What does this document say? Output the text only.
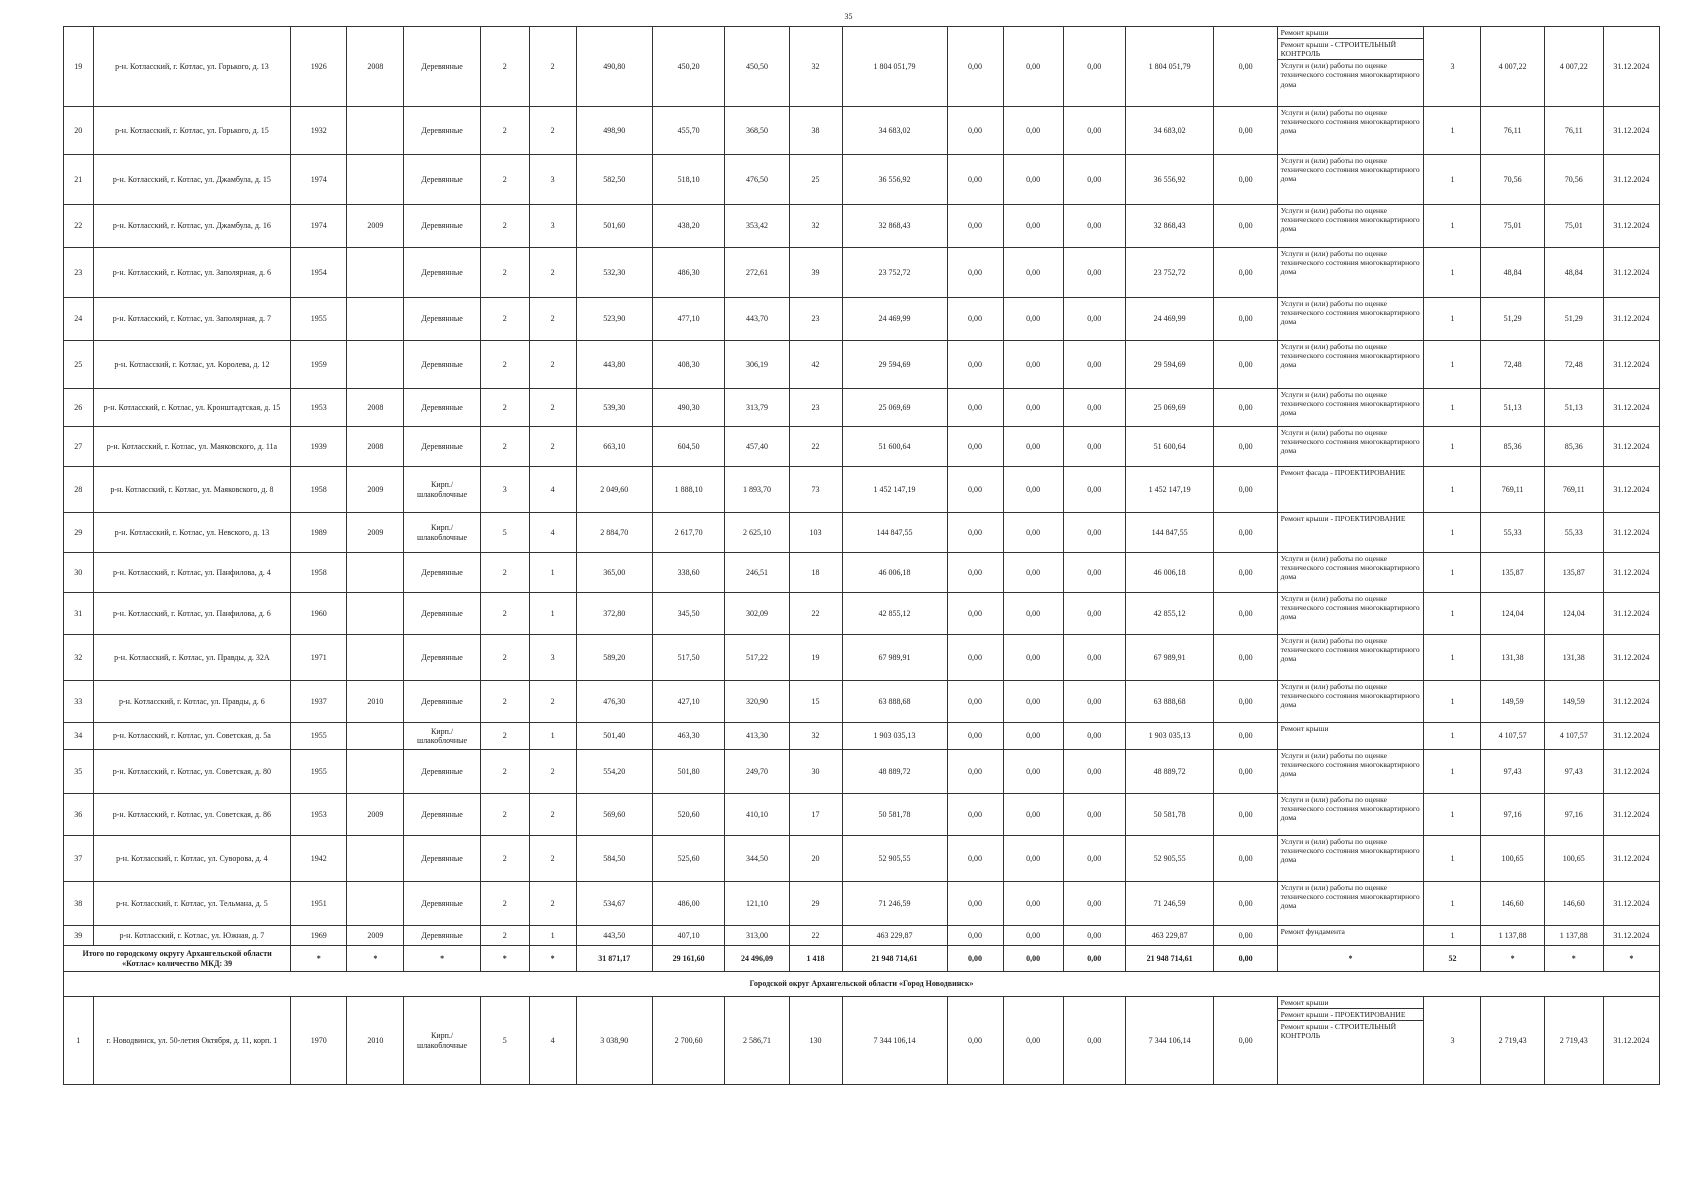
35
19	р-н. Котласский, г. Котлас, ул. Горького, д. 13	1926	2008	Деревянные	2	2	490,80	450,20	450,50	32	1 804 051,79	0,00	0,00	0,00	1 804 051,79	0,00	Ремонт крыши
Ремонт крыши - СТРОИТЕЛЬНЫЙ КОНТРОЛЬ
Услуги и (или) работы по оценке технического состояния многоквартирного дома	3	4 007,22	4 007,22	31.12.2024
20	р-н. Котласский, г. Котлас, ул. Горького, д. 15	1932		Деревянные	2	2	498,90	455,70	368,50	38	34 683,02	0,00	0,00	0,00	34 683,02	0,00	Услуги и (или) работы по оценке технического состояния многоквартирного дома	1	76,11	76,11	31.12.2024
21	р-н. Котласский, г. Котлас, ул. Джамбула, д. 15	1974		Деревянные	2	3	582,50	518,10	476,50	25	36 556,92	0,00	0,00	0,00	36 556,92	0,00	Услуги и (или) работы по оценке технического состояния многоквартирного дома	1	70,56	70,56	31.12.2024
22	р-н. Котласский, г. Котлас, ул. Джамбула, д. 16	1974	2009	Деревянные	2	3	501,60	438,20	353,42	32	32 868,43	0,00	0,00	0,00	32 868,43	0,00	Услуги и (или) работы по оценке технического состояния многоквартирного дома	1	75,01	75,01	31.12.2024
23	р-н. Котласский, г. Котлас, ул. Заполярная, д. 6	1954		Деревянные	2	2	532,30	486,30	272,61	39	23 752,72	0,00	0,00	0,00	23 752,72	0,00	Услуги и (или) работы по оценке технического состояния многоквартирного дома	1	48,84	48,84	31.12.2024
24	р-н. Котласский, г. Котлас, ул. Заполярная, д. 7	1955		Деревянные	2	2	523,90	477,10	443,70	23	24 469,99	0,00	0,00	0,00	24 469,99	0,00	Услуги и (или) работы по оценке технического состояния многоквартирного дома	1	51,29	51,29	31.12.2024
25	р-н. Котласский, г. Котлас, ул. Королева, д. 12	1959		Деревянные	2	2	443,80	408,30	306,19	42	29 594,69	0,00	0,00	0,00	29 594,69	0,00	Услуги и (или) работы по оценке технического состояния многоквартирного дома	1	72,48	72,48	31.12.2024
26	р-н. Котласский, г. Котлас, ул. Кронштадтская, д. 15	1953	2008	Деревянные	2	2	539,30	490,30	313,79	23	25 069,69	0,00	0,00	0,00	25 069,69	0,00	Услуги и (или) работы по оценке технического состояния многоквартирного дома	1	51,13	51,13	31.12.2024
27	р-н. Котласский, г. Котлас, ул. Маяковского, д. 11а	1939	2008	Деревянные	2	2	663,10	604,50	457,40	22	51 600,64	0,00	0,00	0,00	51 600,64	0,00	Услуги и (или) работы по оценке технического состояния многоквартирного дома	1	85,36	85,36	31.12.2024
28	р-н. Котласский, г. Котлас, ул. Маяковского, д. 8	1958	2009	Кирп./шлакоблочные	3	4	2 049,60	1 888,10	1 893,70	73	1 452 147,19	0,00	0,00	0,00	1 452 147,19	0,00	Ремонт фасада - ПРОЕКТИРОВАНИЕ	1	769,11	769,11	31.12.2024
29	р-н. Котласский, г. Котлас, ул. Невского, д. 13	1989	2009	Кирп./шлакоблочные	5	4	2 884,70	2 617,70	2 625,10	103	144 847,55	0,00	0,00	0,00	144 847,55	0,00	Ремонт крыши - ПРОЕКТИРОВАНИЕ	1	55,33	55,33	31.12.2024
30	р-н. Котласский, г. Котлас, ул. Панфилова, д. 4	1958		Деревянные	2	1	365,00	338,60	246,51	18	46 006,18	0,00	0,00	0,00	46 006,18	0,00	Услуги и (или) работы по оценке технического состояния многоквартирного дома	1	135,87	135,87	31.12.2024
31	р-н. Котласский, г. Котлас, ул. Панфилова, д. 6	1960		Деревянные	2	1	372,80	345,50	302,09	22	42 855,12	0,00	0,00	0,00	42 855,12	0,00	Услуги и (или) работы по оценке технического состояния многоквартирного дома	1	124,04	124,04	31.12.2024
32	р-н. Котласский, г. Котлас, ул. Правды, д. 32А	1971		Деревянные	2	3	589,20	517,50	517,22	19	67 989,91	0,00	0,00	0,00	67 989,91	0,00	Услуги и (или) работы по оценке технического состояния многоквартирного дома	1	131,38	131,38	31.12.2024
33	р-н. Котласский, г. Котлас, ул. Правды, д. 6	1937	2010	Деревянные	2	2	476,30	427,10	320,90	15	63 888,68	0,00	0,00	0,00	63 888,68	0,00	Услуги и (или) работы по оценке технического состояния многоквартирного дома	1	149,59	149,59	31.12.2024
34	р-н. Котласский, г. Котлас, ул. Советская, д. 5а	1955		Кирп./шлакоблочные	2	1	501,40	463,30	413,30	32	1 903 035,13	0,00	0,00	0,00	1 903 035,13	0,00	Ремонт крыши	1	4 107,57	4 107,57	31.12.2024
35	р-н. Котласский, г. Котлас, ул. Советская, д. 80	1955		Деревянные	2	2	554,20	501,80	249,70	30	48 889,72	0,00	0,00	0,00	48 889,72	0,00	Услуги и (или) работы по оценке технического состояния многоквартирного дома	1	97,43	97,43	31.12.2024
36	р-н. Котласский, г. Котлас, ул. Советская, д. 86	1953	2009	Деревянные	2	2	569,60	520,60	410,10	17	50 581,78	0,00	0,00	0,00	50 581,78	0,00	Услуги и (или) работы по оценке технического состояния многоквартирного дома	1	97,16	97,16	31.12.2024
37	р-н. Котласский, г. Котлас, ул. Суворова, д. 4	1942		Деревянные	2	2	584,50	525,60	344,50	20	52 905,55	0,00	0,00	0,00	52 905,55	0,00	Услуги и (или) работы по оценке технического состояния многоквартирного дома	1	100,65	100,65	31.12.2024
38	р-н. Котласский, г. Котлас, ул. Тельмана, д. 5	1951		Деревянные	2	2	534,67	486,00	121,10	29	71 246,59	0,00	0,00	0,00	71 246,59	0,00	Услуги и (или) работы по оценке технического состояния многоквартирного дома	1	146,60	146,60	31.12.2024
39	р-н. Котласский, г. Котлас, ул. Южная, д. 7	1969	2009	Деревянные	2	1	443,50	407,10	313,00	22	463 229,87	0,00	0,00	0,00	463 229,87	0,00	Ремонт фундамента	1	1 137,88	1 137,88	31.12.2024
Итого по городскому округу Архангельской области «Котлас» количество МКД: 39		*	*	*	*	*	31 871,17	29 161,60	24 496,09	1 418	21 948 714,61	0,00	0,00	0,00	21 948 714,61	0,00	*	52	*	*	*
Городской округ Архангельской области «Город Новодвинск»																					
1	г. Новодвинск, ул. 50-летия Октября, д. 11, корп. 1	1970	2010	Кирп./шлакоблочные	5	4	3 038,90	2 700,60	2 586,71	130	7 344 106,14	0,00	0,00	0,00	7 344 106,14	0,00	Ремонт крыши
Ремонт крыши - ПРОЕКТИРОВАНИЕ
Ремонт крыши - СТРОИТЕЛЬНЫЙ КОНТРОЛЬ	3	2 719,43	2 719,43	31.12.2024
